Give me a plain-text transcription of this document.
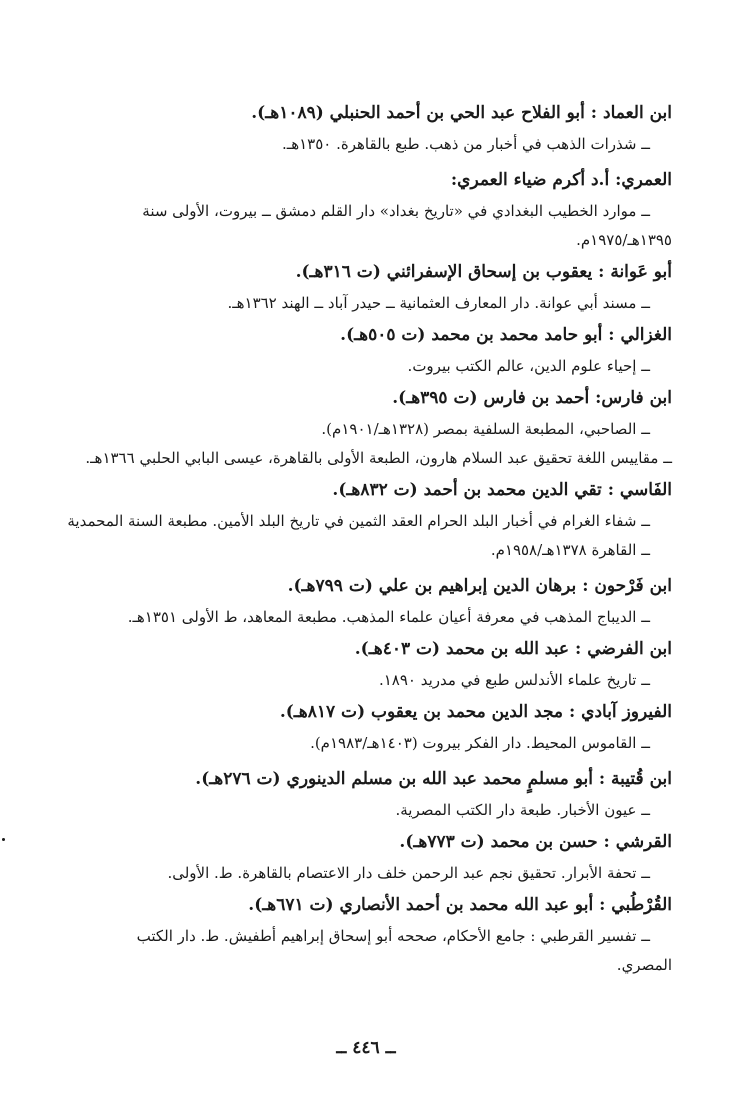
ابن العماد : أبو الفلاح عبد الحي بن أحمد الحنبلي (١٠٨٩هـ).
ــ شذرات الذهب في أخبار من ذهب. طبع بالقاهرة. ١٣٥٠هـ.
العمري: أ.د أكرم ضياء العمري:
ــ موارد الخطيب البغدادي في «تاريخ بغداد» دار القلم دمشق ــ بيروت، الأولى سنة
١٣٩٥هـ/١٩٧٥م.
أبو عَوانة : يعقوب بن إسحاق الإسفرائني (ت ٣١٦هـ).
ــ مسند أبي عوانة. دار المعارف العثمانية ــ حيدر آباد ــ الهند ١٣٦٢هـ.
الغزالي : أبو حامد محمد بن محمد (ت ٥٠٥هـ).
ــ إحياء علوم الدين، عالم الكتب بيروت.
ابن فارس: أحمد بن فارس (ت ٣٩٥هـ).
ــ الصاحبي، المطبعة السلفية بمصر (١٣٢٨هـ/١٩٠١م).
ــ مقاييس اللغة تحقيق عبد السلام هارون، الطبعة الأولى بالقاهرة، عيسى البابي الحلبي ١٣٦٦هـ.
الفَاسي : تقي الدين محمد بن أحمد (ت ٨٣٢هـ).
ــ شفاء الغرام في أخبار البلد الحرام العقد الثمين في تاريخ البلد الأمين. مطبعة السنة المحمدية
ــ القاهرة ١٣٧٨هـ/١٩٥٨م.
ابن فَرْحون : برهان الدين إبراهيم بن علي (ت ٧٩٩هـ).
ــ الديباج المذهب في معرفة أعيان علماء المذهب. مطبعة المعاهد، ط الأولى ١٣٥١هـ.
ابن الفرضي : عبد الله بن محمد (ت ٤٠٣هـ).
ــ تاريخ علماء الأندلس طبع في مدريد ١٨٩٠.
الفيروز آبادي : مجد الدين محمد بن يعقوب (ت ٨١٧هـ).
ــ القاموس المحيط. دار الفكر بيروت (١٤٠٣هـ/١٩٨٣م).
ابن قُتيبة : أبو مسلمٍ محمد عبد الله بن مسلم الدينوري (ت ٢٧٦هـ).
ــ عيون الأخبار. طبعة دار الكتب المصرية.
القرشي : حسن بن محمد (ت ٧٧٣هـ).
ــ تحفة الأبرار. تحقيق نجم عبد الرحمن خلف دار الاعتصام بالقاهرة. ط. الأولى.
القُرْطُبي : أبو عبد الله محمد بن أحمد الأنصاري (ت ٦٧١هـ).
ــ تفسير القرطبي : جامع الأحكام، صححه أبو إسحاق إبراهيم أطفيش. ط. دار الكتب
المصري.
ــ ٤٤٦ ــ
